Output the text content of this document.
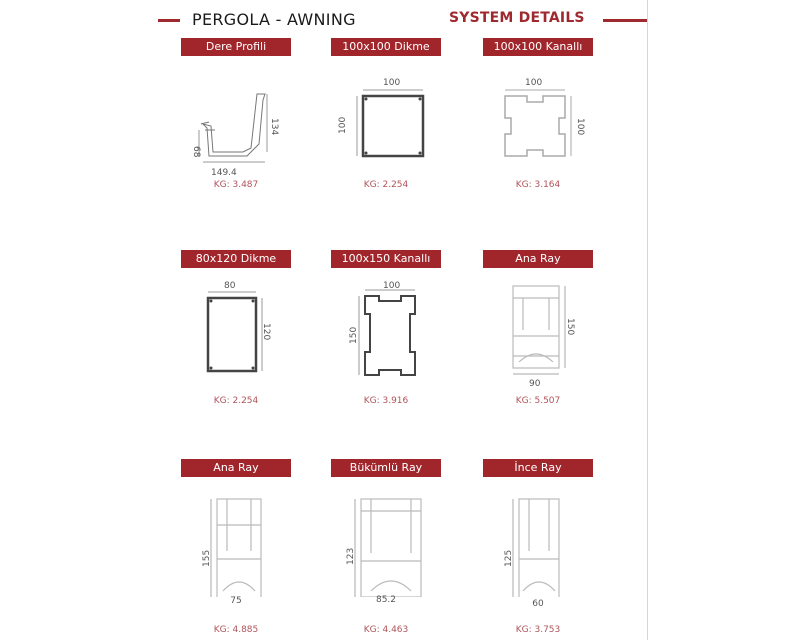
PERGOLA - AWNING	SYSTEM DETAILS
Dere Profili
149.4
68
134
100x100 Dikme
100
100
100x100 Kanallı
100
100
80x120 Dikme
80
120
100x150 Kanallı
100
150
Ana Ray
90
150
Ana Ray
155
75
Bükümlü Ray
123
85.2
İnce Ray
125
60
KG: 3.487	KG: 2.254	KG: 3.164
KG: 2.254	KG: 3.916	KG: 5.507
KG: 4.885	KG: 4.463	KG: 3.753
